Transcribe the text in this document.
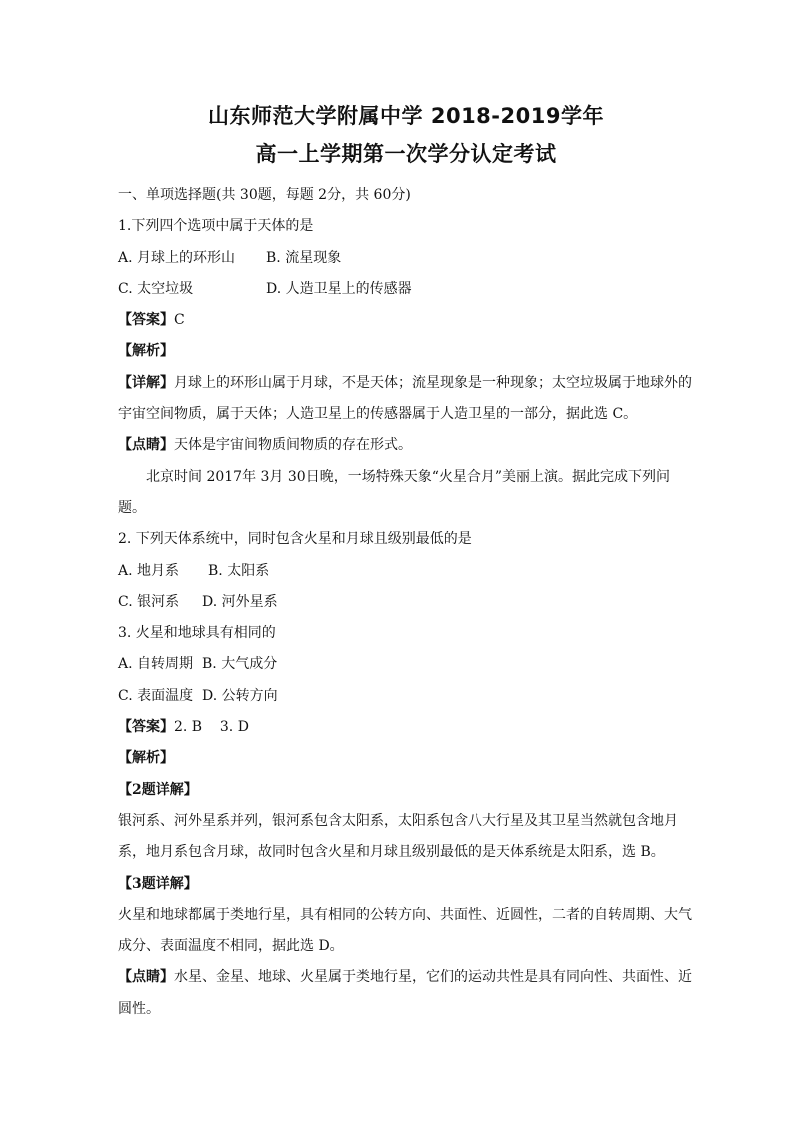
山东师范大学附属中学 2018-2019学年
高一上学期第一次学分认定考试

一、单项选择题(共 30题，每题 2分，共 60分)

1.下列四个选项中属于天体的是

A. 月球上的环形山 B. 流星现象

C. 太空垃圾	D. 人造卫星上的传感器

【答案】C

【解析】

【详解】月球上的环形山属于月球，不是天体；流星现象是一种现象；太空垃圾属于地球外的宇宙空间物质，属于天体；人造卫星上的传感器属于人造卫星的一部分，据此选 C。

【点睛】天体是宇宙间物质间物质的存在形式。

北京时间 2017年 3月 30日晚，一场特殊天象“火星合月”美丽上演。据此完成下列问题。

2. 下列天体系统中，同时包含火星和月球且级别最低的是

A. 地月系 B. 太阳系

C. 银河系 D. 河外星系

3. 火星和地球具有相同的

A. 自转周期 B. 大气成分

C. 表面温度 D. 公转方向

【答案】2. B    3. D

【解析】

【2题详解】

银河系、河外星系并列，银河系包含太阳系，太阳系包含八大行星及其卫星当然就包含地月系，地月系包含月球，故同时包含火星和月球且级别最低的是天体系统是太阳系，选 B。

【3题详解】

火星和地球都属于类地行星，具有相同的公转方向、共面性、近圆性，二者的自转周期、大气成分、表面温度不相同，据此选 D。

【点睛】水星、金星、地球、火星属于类地行星，它们的运动共性是具有同向性、共面性、近圆性。
